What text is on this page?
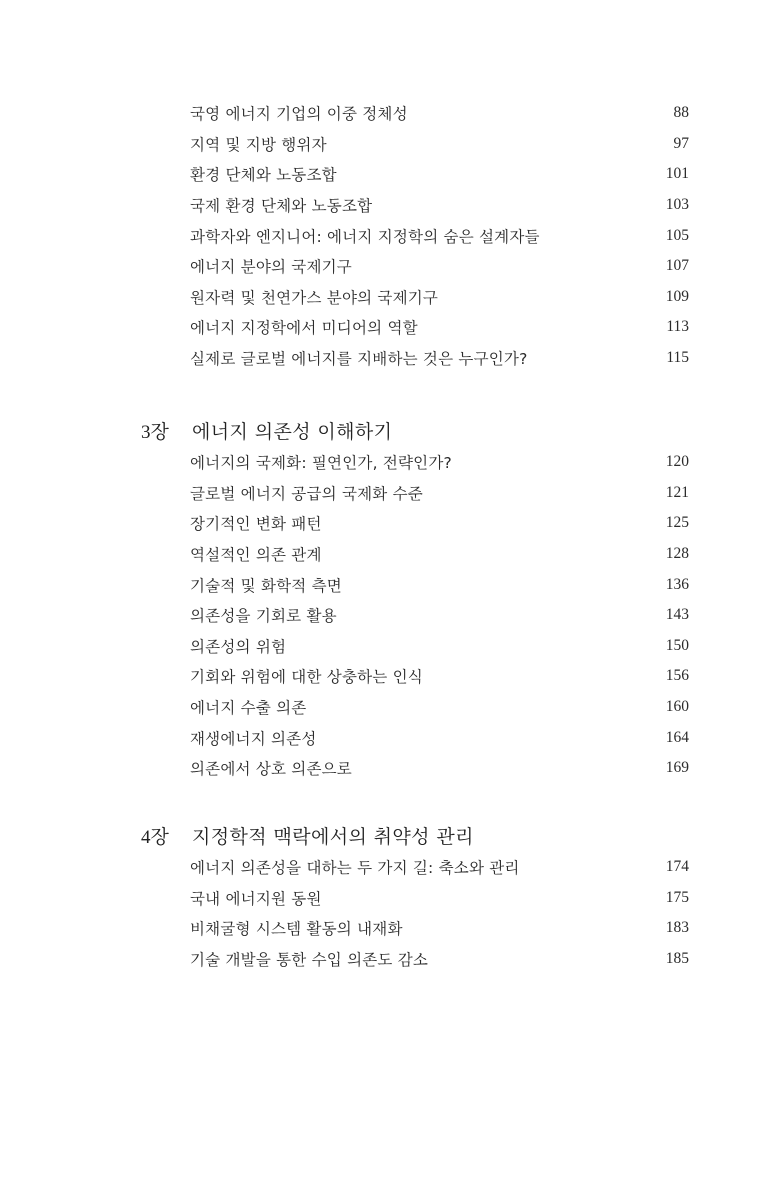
국영 에너지 기업의 이중 정체성	88
지역 및 지방 행위자	97
환경 단체와 노동조합	101
국제 환경 단체와 노동조합	103
과학자와 엔지니어: 에너지 지정학의 숨은 설계자들	105
에너지 분야의 국제기구	107
원자력 및 천연가스 분야의 국제기구	109
에너지 지정학에서 미디어의 역할	113
실제로 글로벌 에너지를 지배하는 것은 누구인가?	115
3장 에너지 의존성 이해하기
에너지의 국제화: 필연인가, 전략인가?	120
글로벌 에너지 공급의 국제화 수준	121
장기적인 변화 패턴	125
역설적인 의존 관계	128
기술적 및 화학적 측면	136
의존성을 기회로 활용	143
의존성의 위험	150
기회와 위험에 대한 상충하는 인식	156
에너지 수출 의존	160
재생에너지 의존성	164
의존에서 상호 의존으로	169
4장 지정학적 맥락에서의 취약성 관리
에너지 의존성을 대하는 두 가지 길: 축소와 관리	174
국내 에너지원 동원	175
비채굴형 시스템 활동의 내재화	183
기술 개발을 통한 수입 의존도 감소	185
